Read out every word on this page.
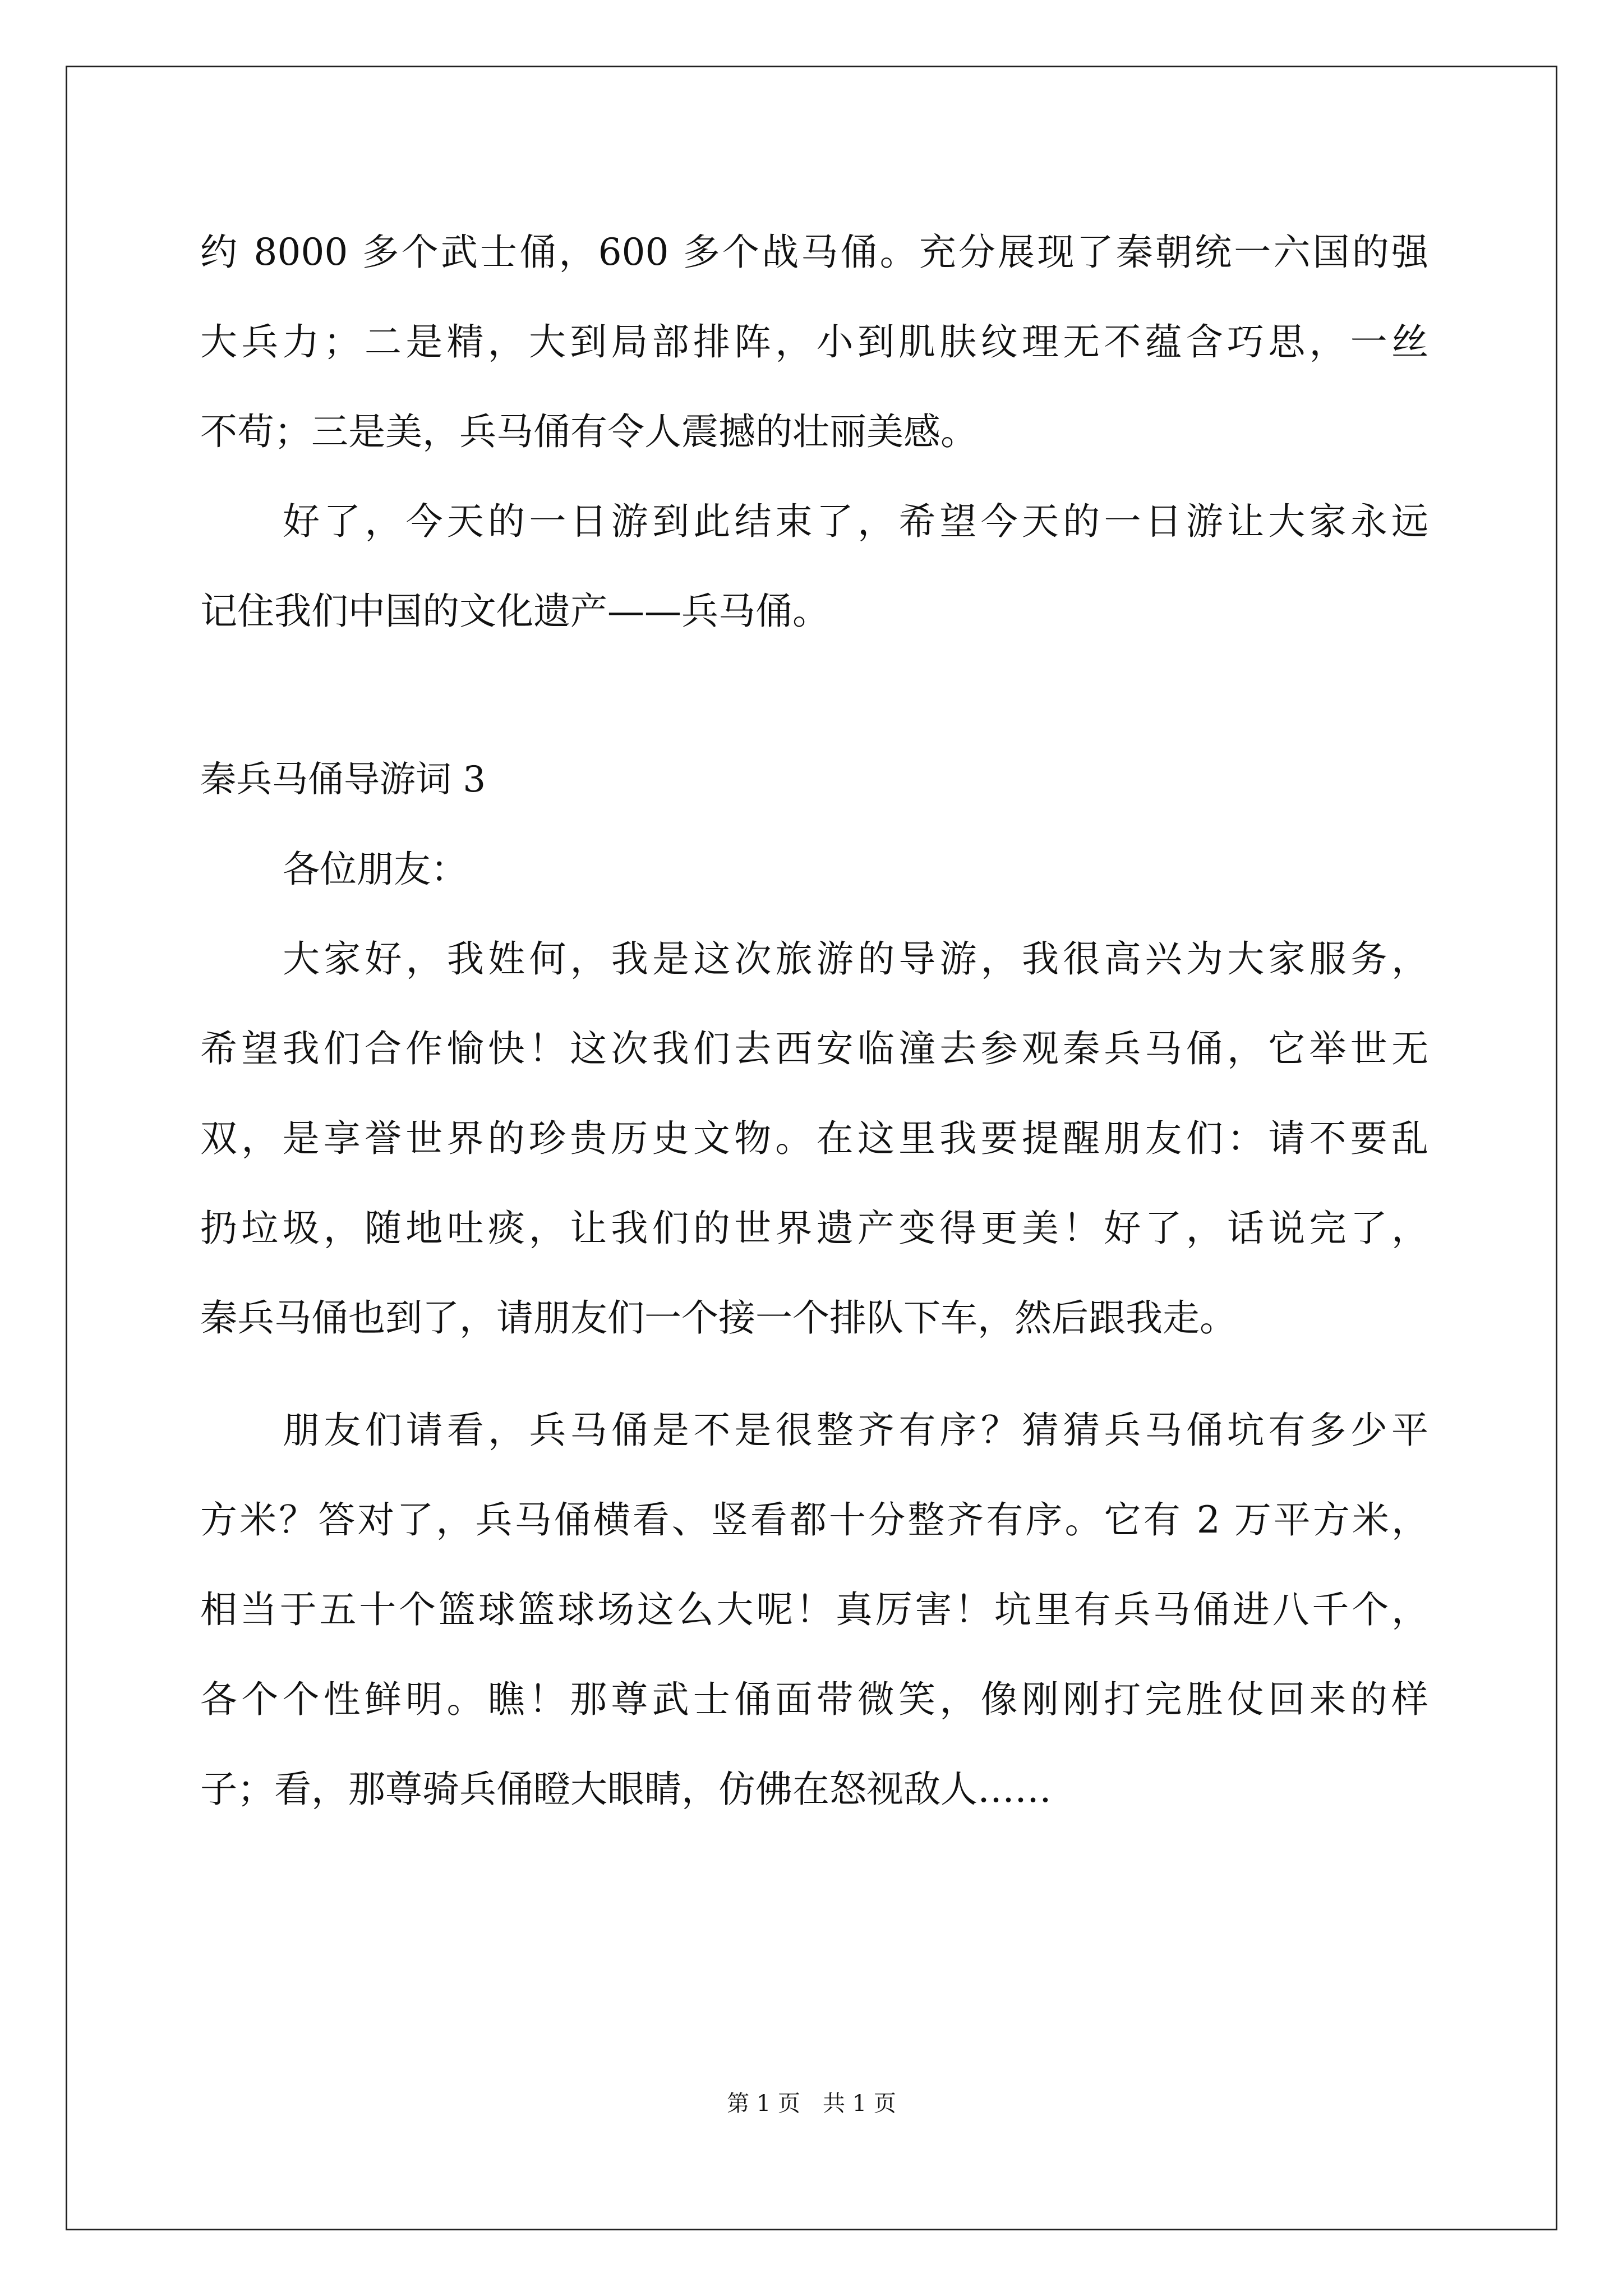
约 8000 多个武士俑，600 多个战马俑。充分展现了秦朝统一六国的强
大兵力；二是精，大到局部排阵，小到肌肤纹理无不蕴含巧思，一丝
不苟；三是美，兵马俑有令人震撼的壮丽美感。
好了，今天的一日游到此结束了，希望今天的一日游让大家永远
记住我们中国的文化遗产——兵马俑。
秦兵马俑导游词 3
各位朋友：
大家好，我姓何，我是这次旅游的导游，我很高兴为大家服务，
希望我们合作愉快！这次我们去西安临潼去参观秦兵马俑，它举世无
双，是享誉世界的珍贵历史文物。在这里我要提醒朋友们：请不要乱
扔垃圾，随地吐痰，让我们的世界遗产变得更美！好了，话说完了，
秦兵马俑也到了，请朋友们一个接一个排队下车，然后跟我走。
朋友们请看，兵马俑是不是很整齐有序？猜猜兵马俑坑有多少平
方米？答对了，兵马俑横看、竖看都十分整齐有序。它有 2 万平方米，
相当于五十个篮球篮球场这么大呢！真厉害！坑里有兵马俑进八千个，
各个个性鲜明。瞧！那尊武士俑面带微笑，像刚刚打完胜仗回来的样
子；看，那尊骑兵俑瞪大眼睛，仿佛在怒视敌人……
第 1 页　共 1 页
